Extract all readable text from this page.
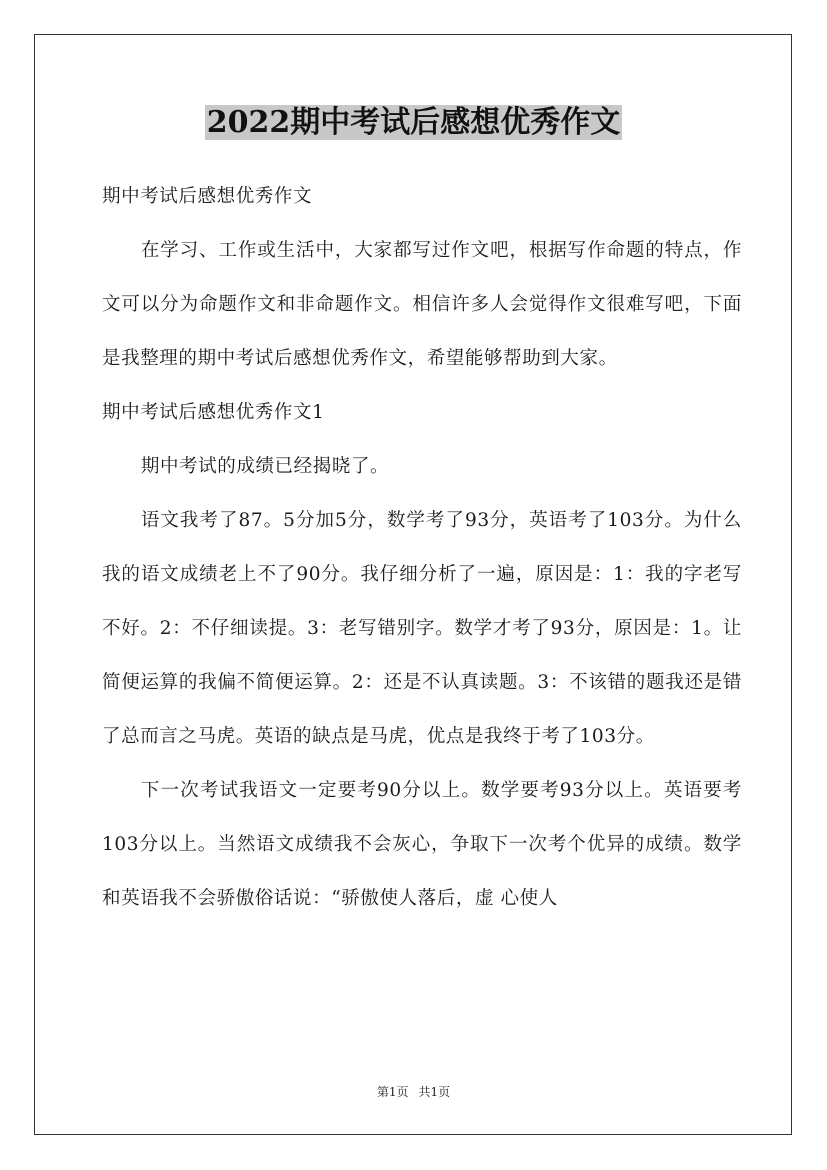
2022期中考试后感想优秀作文

期中考试后感想优秀作文

在学习、工作或生活中，大家都写过作文吧，根据写作命题的特点，作文可以分为命题作文和非命题作文。相信许多人会觉得作文很难写吧，下面是我整理的期中考试后感想优秀作文，希望能够帮助到大家。

期中考试后感想优秀作文1

期中考试的成绩已经揭晓了。

语文我考了87。5分加5分，数学考了93分，英语考了103分。为什么我的语文成绩老上不了90分。我仔细分析了一遍，原因是：1：我的字老写不好。2：不仔细读提。3：老写错别字。数学才考了93分，原因是：1。让简便运算的我偏不简便运算。2：还是不认真读题。3：不该错的题我还是错了总而言之马虎。英语的缺点是马虎，优点是我终于考了103分。

下一次考试我语文一定要考90分以上。数学要考93分以上。英语要考103分以上。当然语文成绩我不会灰心，争取下一次考个优异的成绩。数学和英语我不会骄傲俗话说：“骄傲使人落后，虚 心使人

第1页 共1页
